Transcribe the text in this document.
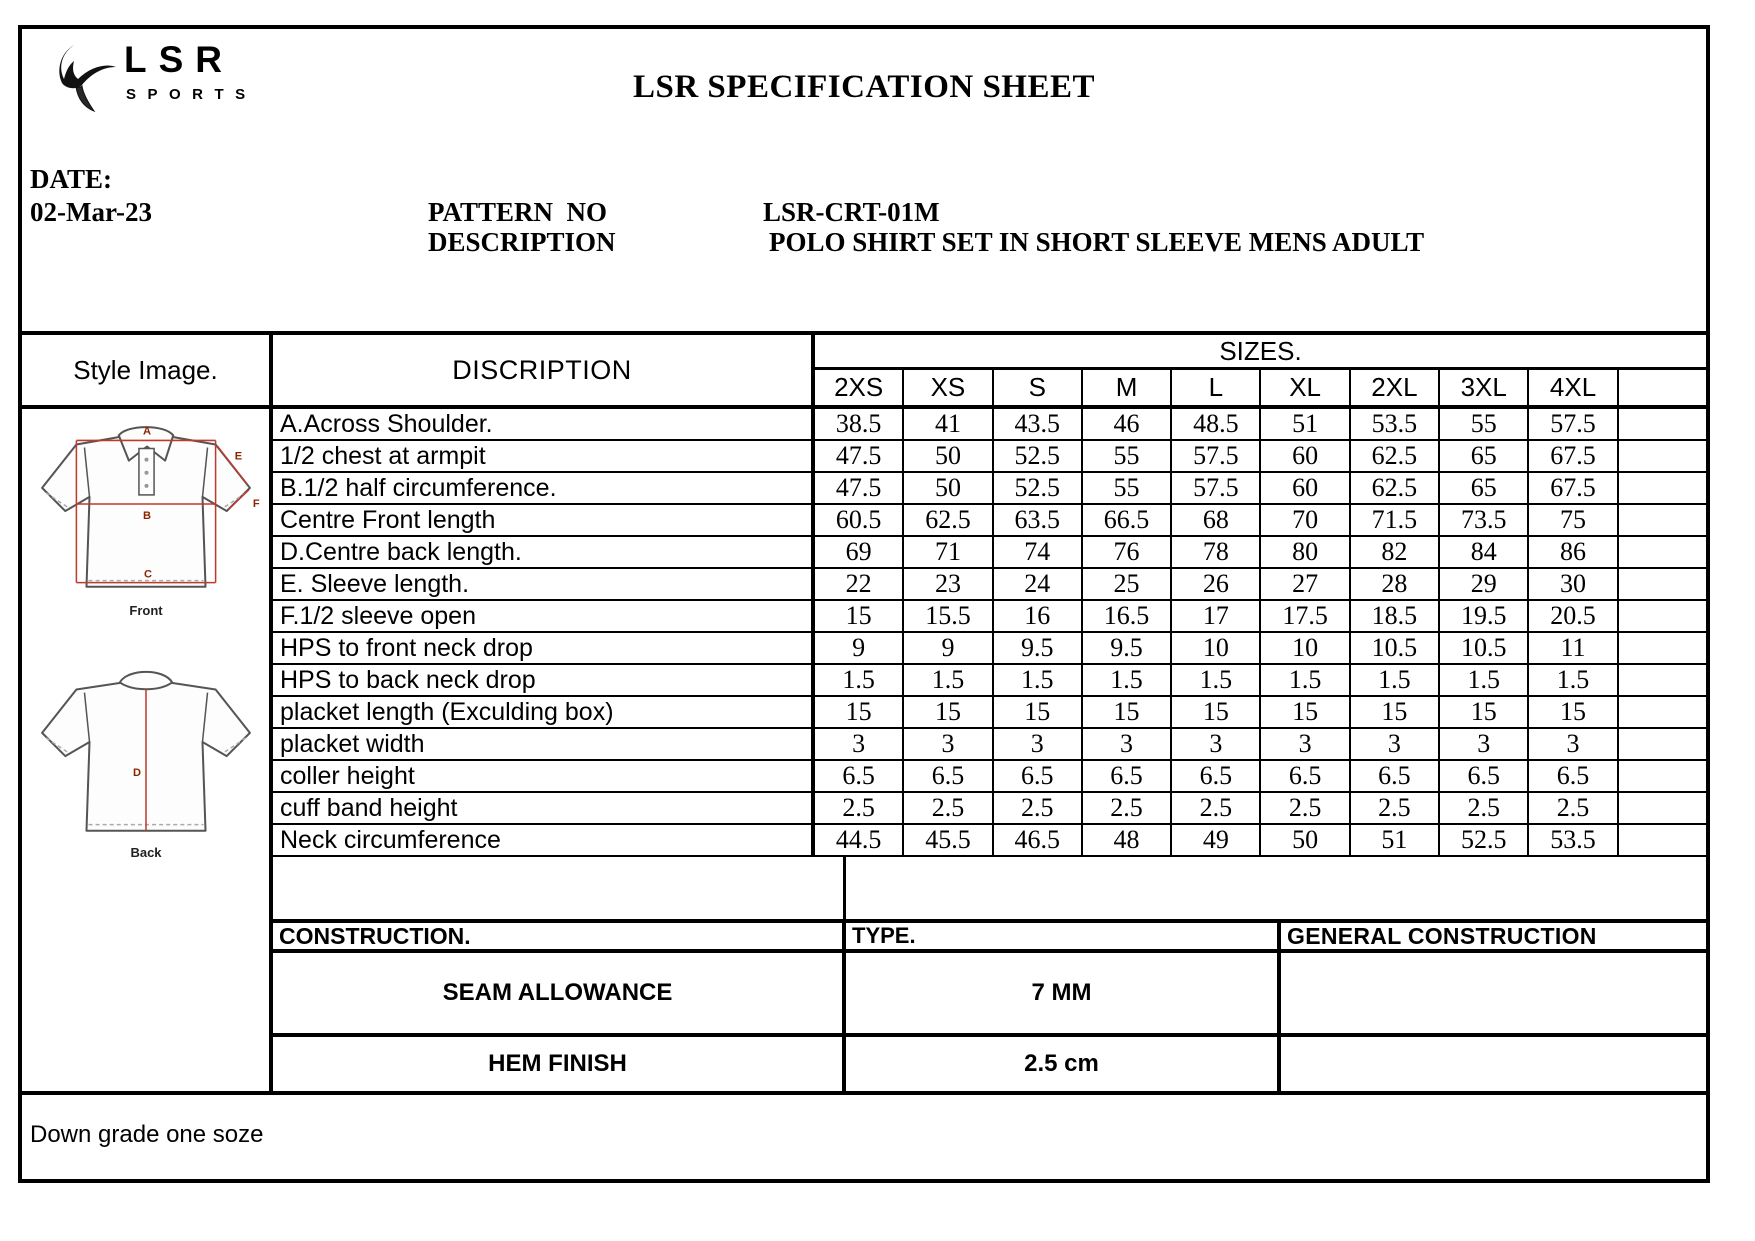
LSR
SPORTS	LSR SPECIFICATION SHEET
DATE:
02-Mar-23	PATTERN  NO	LSR-CRT-01M
DESCRIPTION	POLO SHIRT SET IN SHORT SLEEVE MENS ADULT
Style Image.	DISCRIPTION
SIZES.
2XS	XS	S	M	L	XL	2XL	3XL	4XL
A
B
C
E
F
Front
D
Back
A.Across Shoulder.	38.5	41	43.5	46	48.5	51	53.5	55	57.5
1/2 chest at armpit	47.5	50	52.5	55	57.5	60	62.5	65	67.5
B.1/2 half circumference.	47.5	50	52.5	55	57.5	60	62.5	65	67.5
Centre Front length	60.5	62.5	63.5	66.5	68	70	71.5	73.5	75
D.Centre back length.	69	71	74	76	78	80	82	84	86
E. Sleeve length.	22	23	24	25	26	27	28	29	30
F.1/2 sleeve open	15	15.5	16	16.5	17	17.5	18.5	19.5	20.5
HPS to front neck drop	9	9	9.5	9.5	10	10	10.5	10.5	11
HPS to back neck drop	1.5	1.5	1.5	1.5	1.5	1.5	1.5	1.5	1.5
placket length (Exculding box)	15	15	15	15	15	15	15	15	15
placket width	3	3	3	3	3	3	3	3	3
coller height	6.5	6.5	6.5	6.5	6.5	6.5	6.5	6.5	6.5
cuff band height	2.5	2.5	2.5	2.5	2.5	2.5	2.5	2.5	2.5
Neck circumference	44.5	45.5	46.5	48	49	50	51	52.5	53.5
CONSTRUCTION.	TYPE.	GENERAL CONSTRUCTION
SEAM ALLOWANCE	7 MM
HEM FINISH	2.5 cm
Down grade one soze
